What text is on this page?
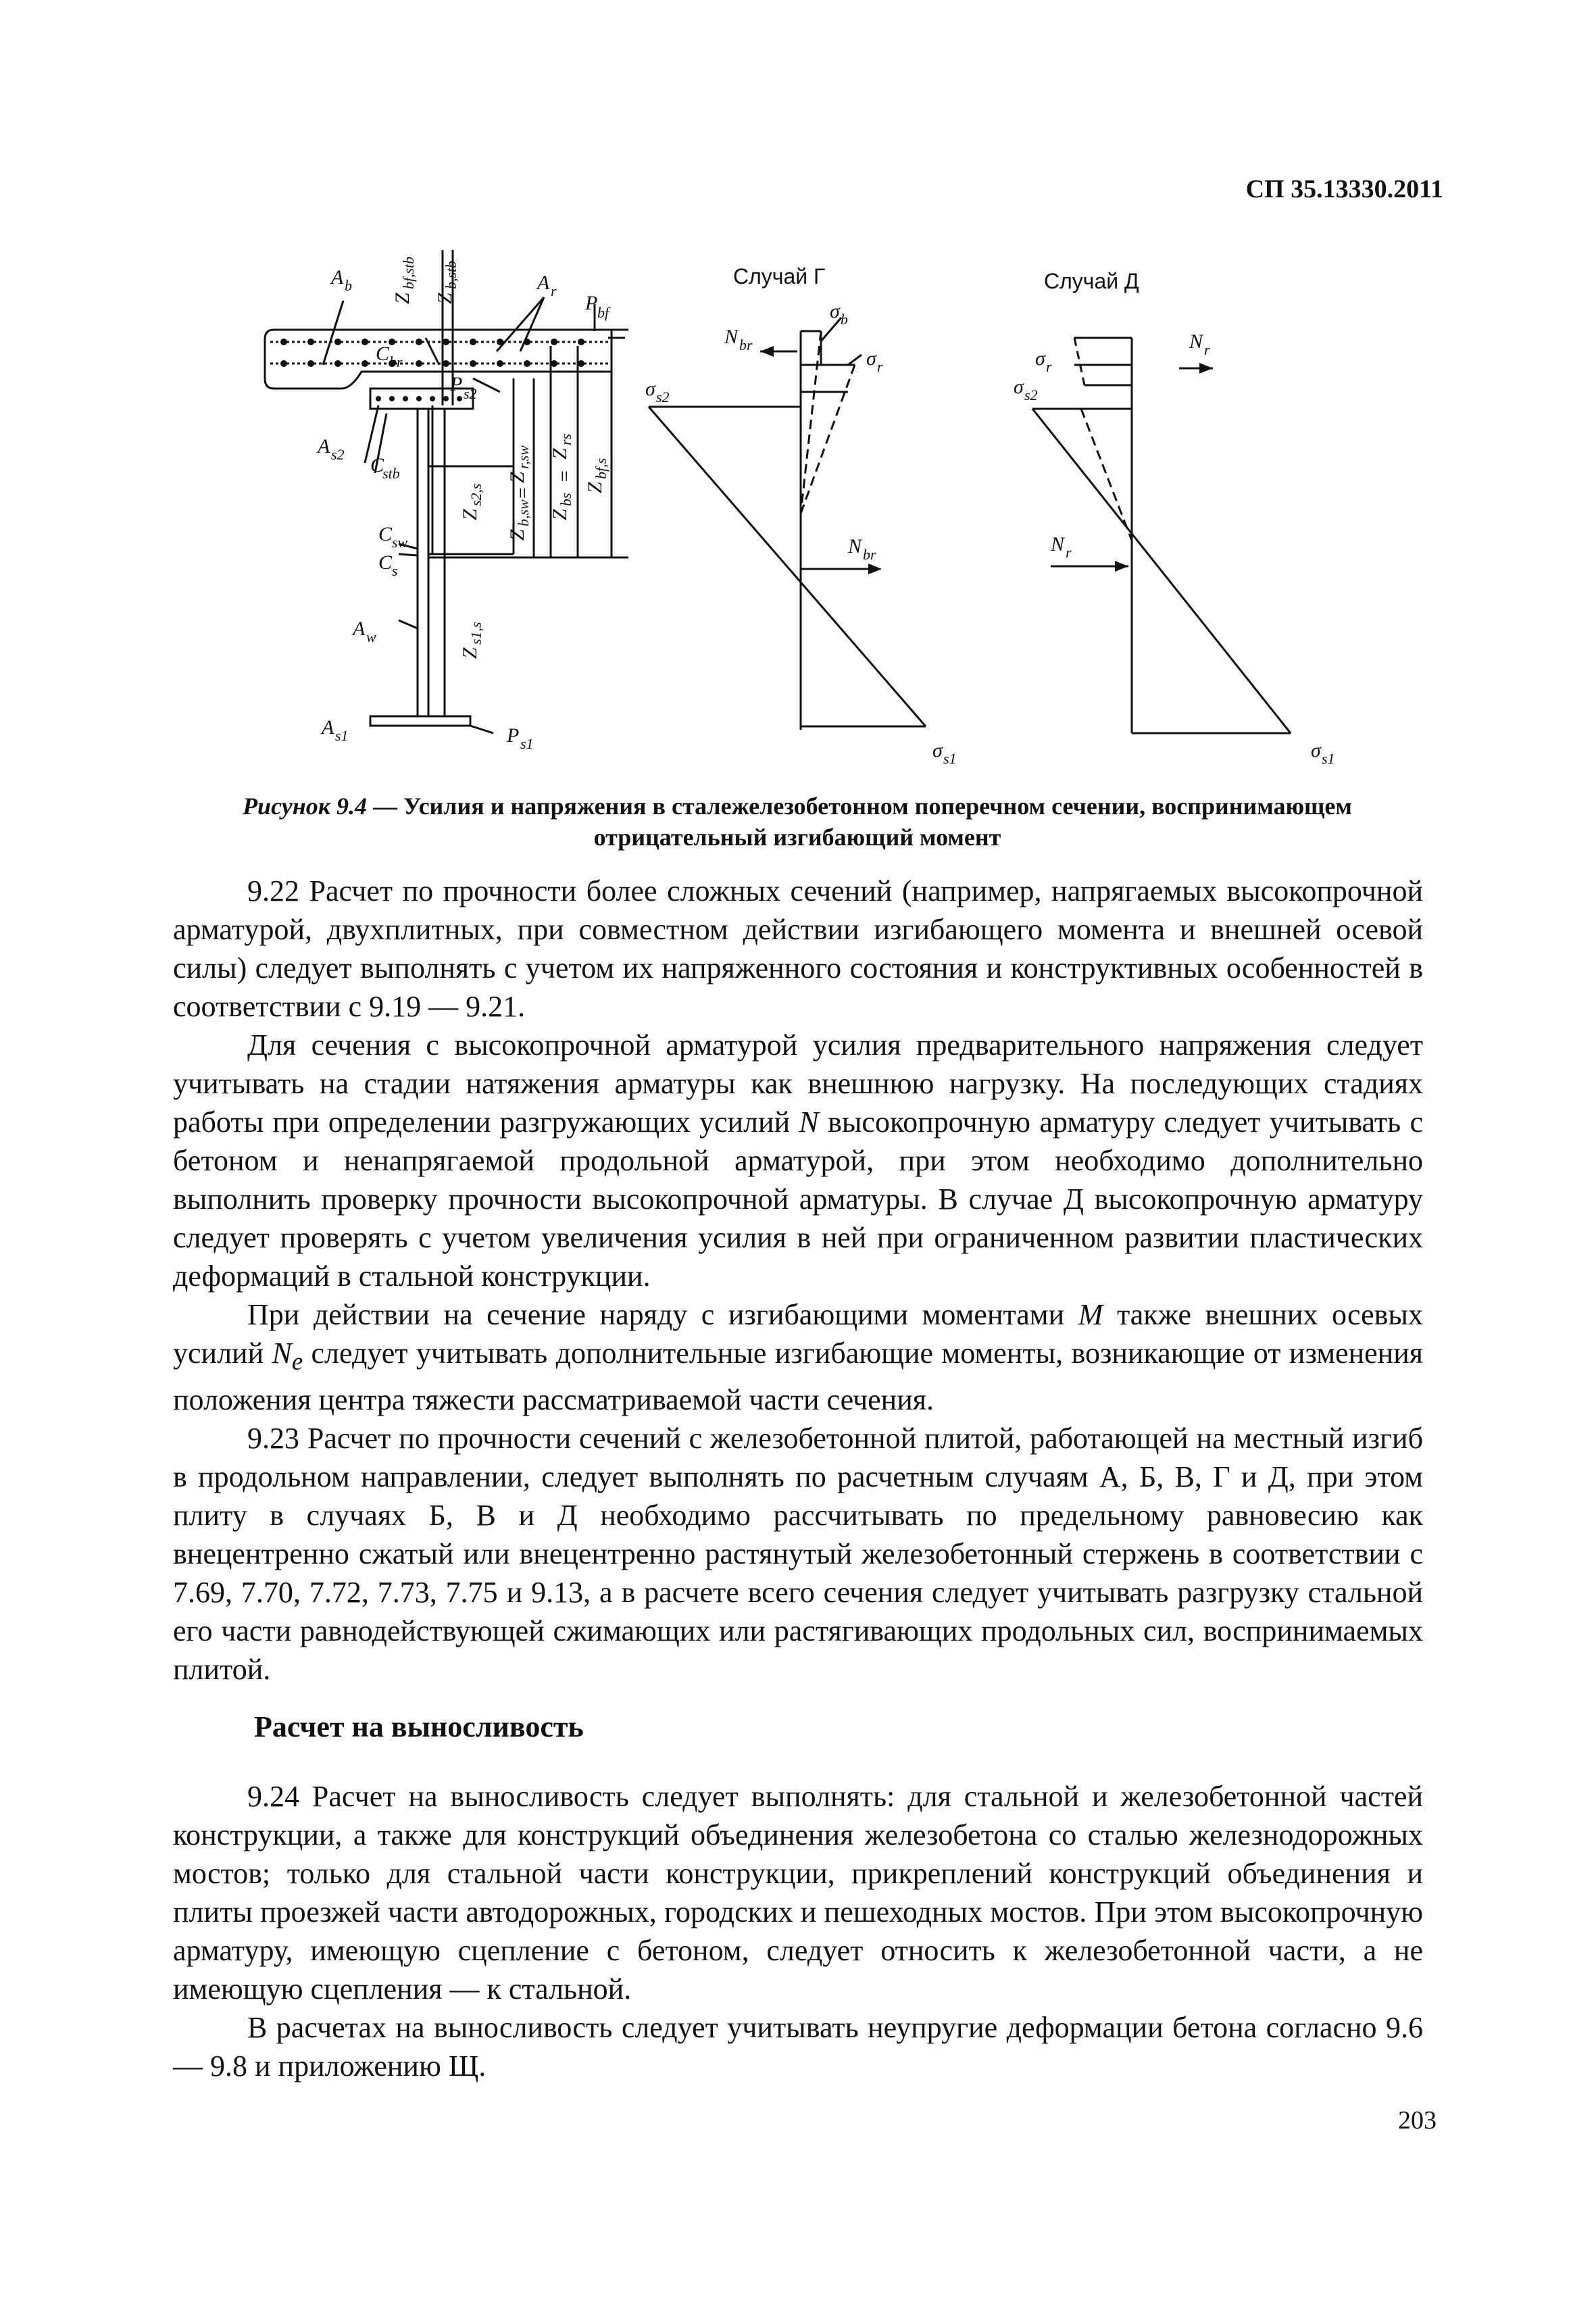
СП 35.13330.2011
A b
Z
bf,stb
Z
b,stb	A r
P bf
C br
P s2
A s2 C
stb	Z
r,sw Z
rs
Z
bf,s
Z
b,sw Z
bs
Z
s2,s
C sw
C s
A w
Z
s1,s
A s1	P s1
=
=
Случай Г
σ b
N br
σ r
σ s2
N br
σ s1
Случай Д
N r
σ r
σ s2
N r
σ s1
Рисунок 9.4 — Усилия и напряжения в сталежелезобетонном поперечном сечении, воспринимающем отрицательный изгибающий момент

9.22 Расчет по прочности более сложных сечений (например, напрягаемых высокопрочной арматурой, двухплитных, при совместном действии изгибающего момента и внешней осевой силы) следует выполнять с учетом их напряженного состояния и конструктивных особенностей в соответствии с 9.19 — 9.21.

Для сечения с высокопрочной арматурой усилия предварительного напряжения следует учитывать на стадии натяжения арматуры как внешнюю нагрузку. На последующих стадиях работы при определении разгружающих усилий N высокопрочную арматуру следует учитывать с бетоном и ненапрягаемой продольной арматурой, при этом необходимо дополнительно выполнить проверку прочности высокопрочной арматуры. В случае Д высокопрочную арматуру следует проверять с учетом увеличения усилия в ней при ограниченном развитии пластических деформаций в стальной конструкции.

При действии на сечение наряду с изгибающими моментами M также внешних осевых усилий $N_e$ следует учитывать дополнительные изгибающие моменты, возникающие от изменения положения центра тяжести рассматриваемой части сечения.

9.23 Расчет по прочности сечений с железобетонной плитой, работающей на местный изгиб в продольном направлении, следует выполнять по расчетным случаям А, Б, В, Г и Д, при этом плиту в случаях Б, В и Д необходимо рассчитывать по предельному равновесию как внецентренно сжатый или внецентренно растянутый железобетонный стержень в соответствии с 7.69, 7.70, 7.72, 7.73, 7.75 и 9.13, а в расчете всего сечения следует учитывать разгрузку стальной его части равнодействующей сжимающих или растягивающих продольных сил, воспринимаемых плитой.

Расчет на выносливость

9.24 Расчет на выносливость следует выполнять: для стальной и железобетонной частей конструкции, а также для конструкций объединения железобетона со сталью железнодорожных мостов; только для стальной части конструкции, прикреплений конструкций объединения и плиты проезжей части автодорожных, городских и пешеходных мостов. При этом высокопрочную арматуру, имеющую сцепление с бетоном, следует относить к железобетонной части, а не имеющую сцепления — к стальной.

В расчетах на выносливость следует учитывать неупругие деформации бетона согласно 9.6 — 9.8 и приложению Щ.

203
